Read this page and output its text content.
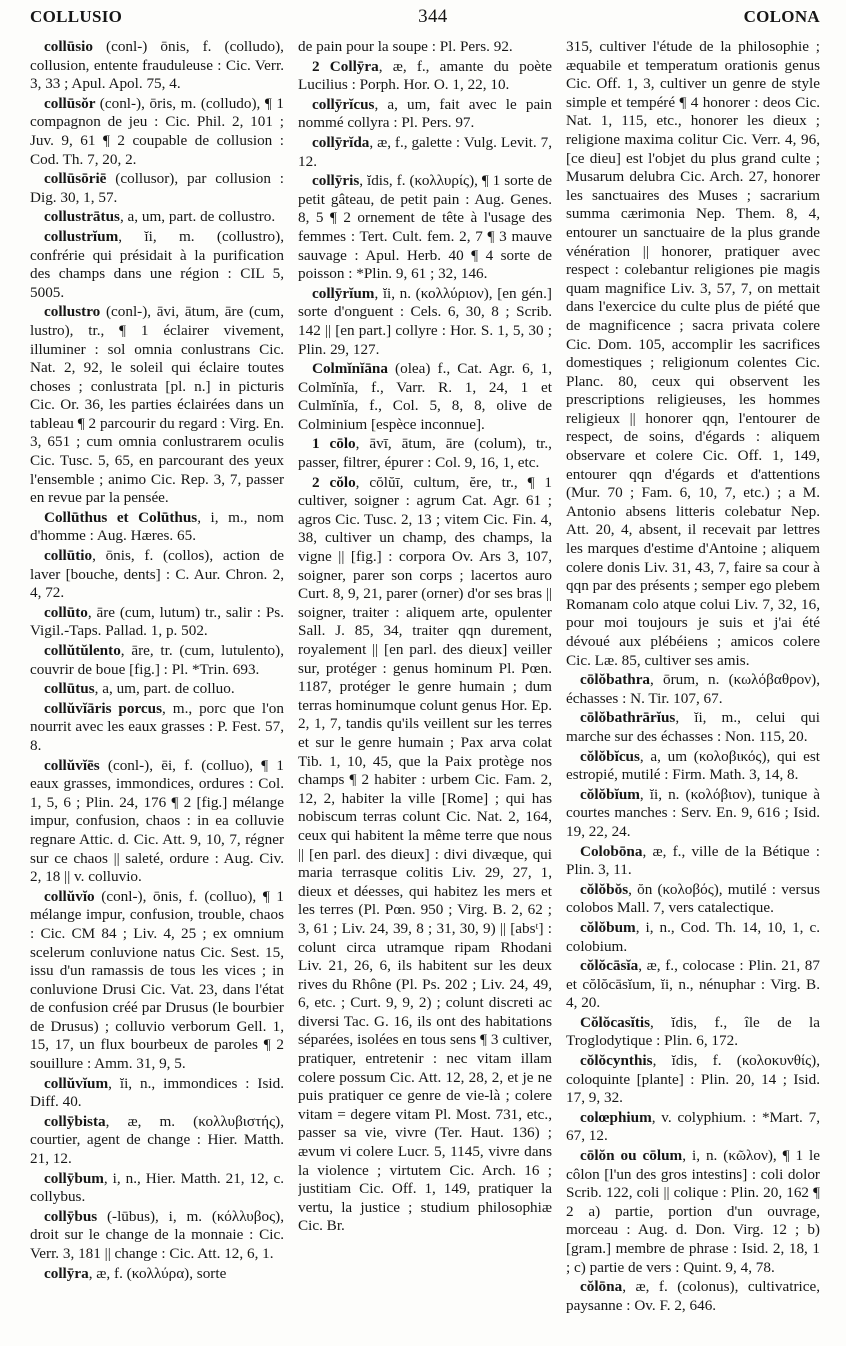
COLLUSIO	344	COLONA

collūsio (conl-) ōnis, f. (colludo), collusion, entente frauduleuse : Cic. Verr. 3, 33 ; Apul. Apol. 75, 4.

collūsŏr (conl-), ōris, m. (colludo), ¶ 1 compagnon de jeu : Cic. Phil. 2, 101 ; Juv. 9, 61 ¶ 2 coupable de collusion : Cod. Th. 7, 20, 2.

collūsōriē (collusor), par collusion : Dig. 30, 1, 57.

collustrātus, a, um, part. de collustro.

collustrĭum, ĭi, m. (collustro), confrérie qui présidait à la purification des champs dans une région : CIL 5, 5005.

collustro (conl-), āvi, ātum, āre (cum, lustro), tr., ¶ 1 éclairer vivement, illuminer : sol omnia conlustrans Cic. Nat. 2, 92, le soleil qui éclaire toutes choses ; conlustrata [pl. n.] in picturis Cic. Or. 36, les parties éclairées dans un tableau ¶ 2 parcourir du regard : Virg. En. 3, 651 ; cum omnia conlustrarem oculis Cic. Tusc. 5, 65, en parcourant des yeux l'ensemble ; animo Cic. Rep. 3, 7, passer en revue par la pensée.

Collūthus et Colūthus, i, m., nom d'homme : Aug. Hæres. 65.

collūtio, ōnis, f. (collos), action de laver [bouche, dents] : C. Aur. Chron. 2, 4, 72.

collūto, āre (cum, lutum) tr., salir : Ps. Vigil.-Taps. Pallad. 1, p. 502.

collŭtŭlento, āre, tr. (cum, lutulento), couvrir de boue [fig.] : Pl. *Trin. 693.

collūtus, a, um, part. de colluo.

collŭvĭāris porcus, m., porc que l'on nourrit avec les eaux grasses : P. Fest. 57, 8.

collŭvĭēs (conl-), ēi, f. (colluo), ¶ 1 eaux grasses, immondices, ordures : Col. 1, 5, 6 ; Plin. 24, 176 ¶ 2 [fig.] mélange impur, confusion, chaos : in ea colluvie regnare Attic. d. Cic. Att. 9, 10, 7, régner sur ce chaos || saleté, ordure : Aug. Civ. 2, 18 || v. colluvio.

collŭvĭo (conl-), ōnis, f. (colluo), ¶ 1 mélange impur, confusion, trouble, chaos : Cic. CM 84 ; Liv. 4, 25 ; ex omnium scelerum conluvione natus Cic. Sest. 15, issu d'un ramassis de tous les vices ; in conluvione Drusi Cic. Vat. 23, dans l'état de confusion créé par Drusus (le bourbier de Drusus) ; colluvio verborum Gell. 1, 15, 17, un flux bourbeux de paroles ¶ 2 souillure : Amm. 31, 9, 5.

collŭvĭum, ĭi, n., immondices : Isid. Diff. 40.

collȳbista, æ, m. (κολλυβιστής), courtier, agent de change : Hier. Matth. 21, 12.

collȳbum, i, n., Hier. Matth. 21, 12, c. collybus.

collȳbus (-lūbus), i, m. (κόλλυβος), droit sur le change de la monnaie : Cic. Verr. 3, 181 || change : Cic. Att. 12, 6, 1.

collȳra, æ, f. (κολλύρα), sorte

de pain pour la soupe : Pl. Pers. 92.

2 Collȳra, æ, f., amante du poète Lucilius : Porph. Hor. O. 1, 22, 10.

collȳrĭcus, a, um, fait avec le pain nommé collyra : Pl. Pers. 97.

collȳrĭda, æ, f., galette : Vulg. Levit. 7, 12.

collȳris, ĭdis, f. (κολλυρίς), ¶ 1 sorte de petit gâteau, de petit pain : Aug. Genes. 8, 5 ¶ 2 ornement de tête à l'usage des femmes : Tert. Cult. fem. 2, 7 ¶ 3 mauve sauvage : Apul. Herb. 40 ¶ 4 sorte de poisson : *Plin. 9, 61 ; 32, 146.

collȳrĭum, ĭi, n. (κολλύριον), [en gén.] sorte d'onguent : Cels. 6, 30, 8 ; Scrib. 142 || [en part.] collyre : Hor. S. 1, 5, 30 ; Plin. 29, 127.

Colmĭnĭāna (olea) f., Cat. Agr. 6, 1, Colmĭnĭa, f., Varr. R. 1, 24, 1 et Culmĭnĭa, f., Col. 5, 8, 8, olive de Colminium [espèce inconnue].

1 cōlo, āvī, ātum, āre (colum), tr., passer, filtrer, épurer : Col. 9, 16, 1, etc.

2 cŏlo, cŏlŭī, cultum, ĕre, tr., ¶ 1 cultiver, soigner : agrum Cat. Agr. 61 ; agros Cic. Tusc. 2, 13 ; vitem Cic. Fin. 4, 38, cultiver un champ, des champs, la vigne || [fig.] : corpora Ov. Ars 3, 107, soigner, parer son corps ; lacertos auro Curt. 8, 9, 21, parer (orner) d'or ses bras || soigner, traiter : aliquem arte, opulenter Sall. J. 85, 34, traiter qqn durement, royalement || [en parl. des dieux] veiller sur, protéger : genus hominum Pl. Pœn. 1187, protéger le genre humain ; dum terras hominumque colunt genus Hor. Ep. 2, 1, 7, tandis qu'ils veillent sur les terres et sur le genre humain ; Pax arva colat Tib. 1, 10, 45, que la Paix protège nos champs ¶ 2 habiter : urbem Cic. Fam. 2, 12, 2, habiter la ville [Rome] ; qui has nobiscum terras colunt Cic. Nat. 2, 164, ceux qui habitent la même terre que nous || [en parl. des dieux] : divi divæque, qui maria terrasque colitis Liv. 29, 27, 1, dieux et déesses, qui habitez les mers et les terres (Pl. Pœn. 950 ; Virg. B. 2, 62 ; 3, 61 ; Liv. 24, 39, 8 ; 31, 30, 9) || [absᵗ] : colunt circa utramque ripam Rhodani Liv. 21, 26, 6, ils habitent sur les deux rives du Rhône (Pl. Ps. 202 ; Liv. 24, 49, 6, etc. ; Curt. 9, 9, 2) ; colunt discreti ac diversi Tac. G. 16, ils ont des habitations séparées, isolées en tous sens ¶ 3 cultiver, pratiquer, entretenir : nec vitam illam colere possum Cic. Att. 12, 28, 2, et je ne puis pratiquer ce genre de vie-là ; colere vitam = degere vitam Pl. Most. 731, etc., passer sa vie, vivre (Ter. Haut. 136) ; ævum vi colere Lucr. 5, 1145, vivre dans la violence ; virtutem Cic. Arch. 16 ; justitiam Cic. Off. 1, 149, pratiquer la vertu, la justice ; studium philosophiæ Cic. Br.

315, cultiver l'étude de la philosophie ; æquabile et temperatum orationis genus Cic. Off. 1, 3, cultiver un genre de style simple et tempéré ¶ 4 honorer : deos Cic. Nat. 1, 115, etc., honorer les dieux ; religione maxima colitur Cic. Verr. 4, 96, [ce dieu] est l'objet du plus grand culte ; Musarum delubra Cic. Arch. 27, honorer les sanctuaires des Muses ; sacrarium summa cærimonia Nep. Them. 8, 4, entourer un sanctuaire de la plus grande vénération || honorer, pratiquer avec respect : colebantur religiones pie magis quam magnifice Liv. 3, 57, 7, on mettait dans l'exercice du culte plus de piété que de magnificence ; sacra privata colere Cic. Dom. 105, accomplir les sacrifices domestiques ; religionum colentes Cic. Planc. 80, ceux qui observent les prescriptions religieuses, les hommes religieux || honorer qqn, l'entourer de respect, de soins, d'égards : aliquem observare et colere Cic. Off. 1, 149, entourer qqn d'égards et d'attentions (Mur. 70 ; Fam. 6, 10, 7, etc.) ; a M. Antonio absens litteris colebatur Nep. Att. 20, 4, absent, il recevait par lettres les marques d'estime d'Antoine ; aliquem colere donis Liv. 31, 43, 7, faire sa cour à qqn par des présents ; semper ego plebem Romanam colo atque colui Liv. 7, 32, 16, pour moi toujours je suis et j'ai été dévoué aux plébéiens ; amicos colere Cic. Læ. 85, cultiver ses amis.

cōlŏbathra, ōrum, n. (κωλόβαθρον), échasses : N. Tir. 107, 67.

cōlŏbathrārĭus, ĭi, m., celui qui marche sur des échasses : Non. 115, 20.

cŏlŏbĭcus, a, um (κολοβικός), qui est estropié, mutilé : Firm. Math. 3, 14, 8.

cŏlŏbĭum, ĭi, n. (κολόβιον), tunique à courtes manches : Serv. En. 9, 616 ; Isid. 19, 22, 24.

Colobōna, æ, f., ville de la Bétique : Plin. 3, 11.

cŏlŏbŏs, ŏn (κολοβός), mutilé : versus colobos Mall. 7, vers catalectique.

cŏlŏbum, i, n., Cod. Th. 14, 10, 1, c. colobium.

cŏlŏcāsĭa, æ, f., colocase : Plin. 21, 87 et cŏlŏcāsĭum, ĭi, n., nénuphar : Virg. B. 4, 20.

Cŏlŏcasĭtis, ĭdis, f., île de la Troglodytique : Plin. 6, 172.

cŏlŏcynthis, ĭdis, f. (κολοκυνθίς), coloquinte [plante] : Plin. 20, 14 ; Isid. 17, 9, 32.

colœphium, v. colyphium. : *Mart. 7, 67, 12.

cōlŏn ou cōlum, i, n. (κῶλον), ¶ 1 le côlon [l'un des gros intestins] : coli dolor Scrib. 122, coli || colique : Plin. 20, 162 ¶ 2 a) partie, portion d'un ouvrage, morceau : Aug. d. Don. Virg. 12 ; b) [gram.] membre de phrase : Isid. 2, 18, 1 ; c) partie de vers : Quint. 9, 4, 78.

cŏlōna, æ, f. (colonus), cultivatrice, paysanne : Ov. F. 2, 646.
